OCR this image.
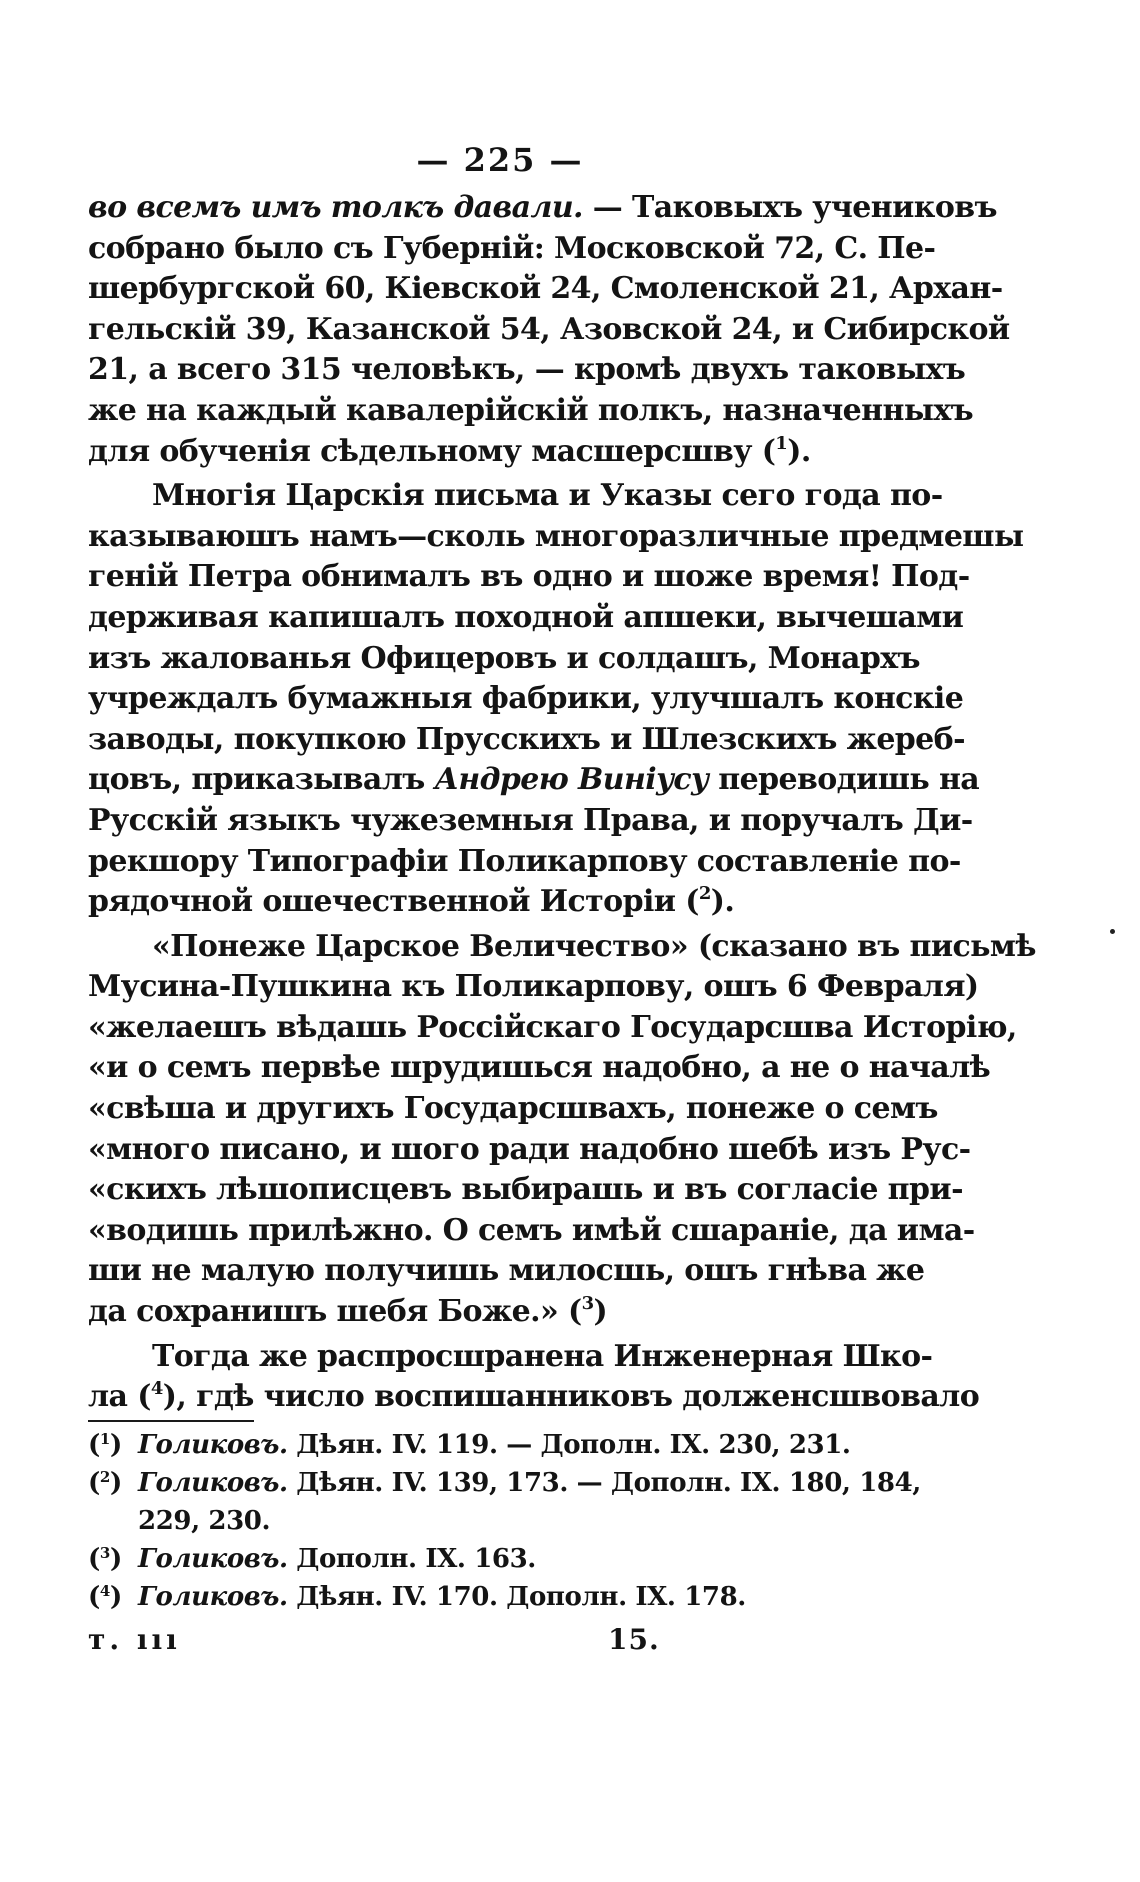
— 225 —

во всемъ имъ толкъ давали. — Таковыхъ учениковъ
собрано было съ Губерній: Московской 72, С. Пе-
шербургской 60, Кіевской 24, Смоленской 21, Архан-
гельскій 39, Казанской 54, Азовской 24, и Сибирской
21, а всего 315 человѣкъ, — кромѣ двухъ таковыхъ
же на каждый кавалерійскій полкъ, назначенныхъ
для обученія сѣдельному масшерсшву ($^1$).

Многія Царскія письма и Указы сего года по-
казываюшъ намъ—сколь многоразличные предмешы
геній Петра обнималъ въ одно и шоже время! Под-
держивая капишалъ походной апшеки, вычешами
изъ жалованья Офицеровъ и солдашъ, Монархъ
учреждалъ бумажныя фабрики, улучшалъ конскіе
заводы, покупкою Прусскихъ и Шлезскихъ жереб-
цовъ, приказывалъ Андрею Виніусу переводишь на
Русскій языкъ чужеземныя Права, и поручалъ Ди-
рекшору Типографіи Поликарпову составленіе по-
рядочной ошечественной Исторіи ($^2$).

«Понеже Царское Величество» (сказано въ письмѣ
Мусина-Пушкина къ Поликарпову, ошъ 6 Февраля)
«желаешъ вѣдашь Россійскаго Государсшва Исторію,
«и о семъ первѣе шрудишься надобно, а не о началѣ
«свѣша и другихъ Государсшвахъ, понеже о семъ
«много писано, и шого ради надобно шебѣ изъ Рус-
«скихъ лѣшописцевъ выбирашь и въ согласіе при-
«водишь прилѣжно. О семъ имѣй сшараніе, да има-
ши не малую получишь милосшь, ошъ гнѣва же
да сохранишъ шебя Боже.» ($^3$)

Тогда же распросшранена Инженерная Шко-
ла ($^4$), гдѣ число воспишанниковъ долженсшвовало

($^1$) Голиковъ. Дѣян. IV. 119. — Дополн. IX. 230, 231.
($^2$) Голиковъ. Дѣян. IV. 139, 173. — Дополн. IX. 180, 184,
229, 230.
($^3$) Голиковъ. Дополн. IX. 163.
($^4$) Голиковъ. Дѣян. IV. 170. Дополн. IX. 178.
т. ııı	15.
